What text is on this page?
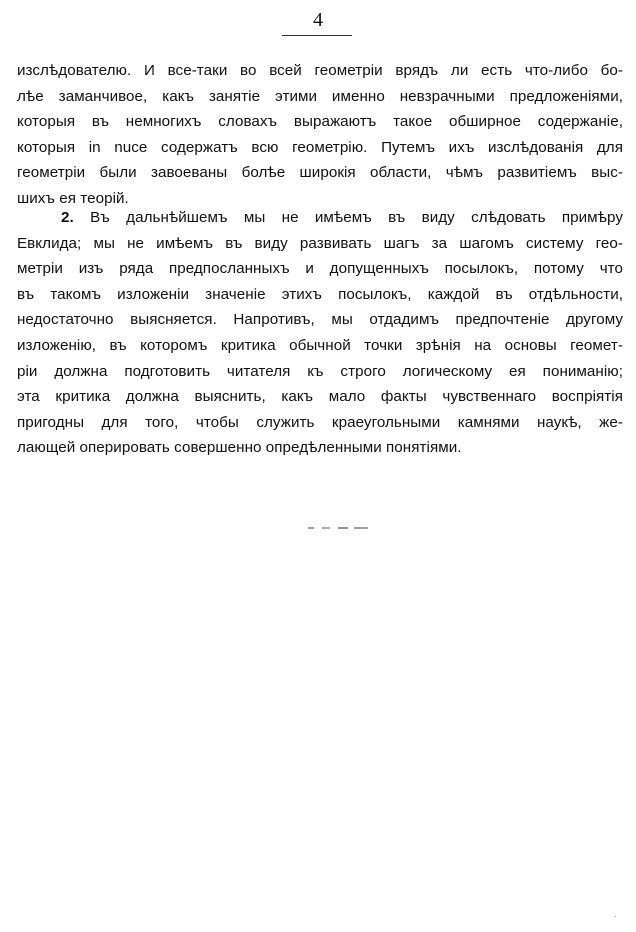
4
изслѣдователю. И все-таки во всей геометріи врядъ ли есть что-либо бо-
лѣе заманчивое, какъ занятіе этими именно невзрачными предложеніями,
которыя въ немногихъ словахъ выражаютъ такое обширное содержаніе,
которыя in nuce содержатъ всю геометрію. Путемъ ихъ изслѣдованія для
геометріи были завоеваны болѣе широкія области, чѣмъ развитіемъ выс-
шихъ ея теорій.
2. Въ дальнѣйшемъ мы не имѣемъ въ виду слѣдовать примѣру
Евклида; мы не имѣемъ въ виду развивать шагъ за шагомъ систему гео-
метріи изъ ряда предпосланныхъ и допущенныхъ посылокъ, потому что
въ такомъ изложеніи значеніе этихъ посылокъ, каждой въ отдѣльности,
недостаточно выясняется. Напротивъ, мы отдадимъ предпочтеніе другому
изложенію, въ которомъ критика обычной точки зрѣнія на основы геомет-
ріи должна подготовить читателя къ строго логическому ея пониманію;
эта критика должна выяснить, какъ мало факты чувственнаго воспріятія
пригодны для того, чтобы служить краеугольными камнями наукѣ, же-
лающей оперировать совершенно опредѣленными понятіями.
·
